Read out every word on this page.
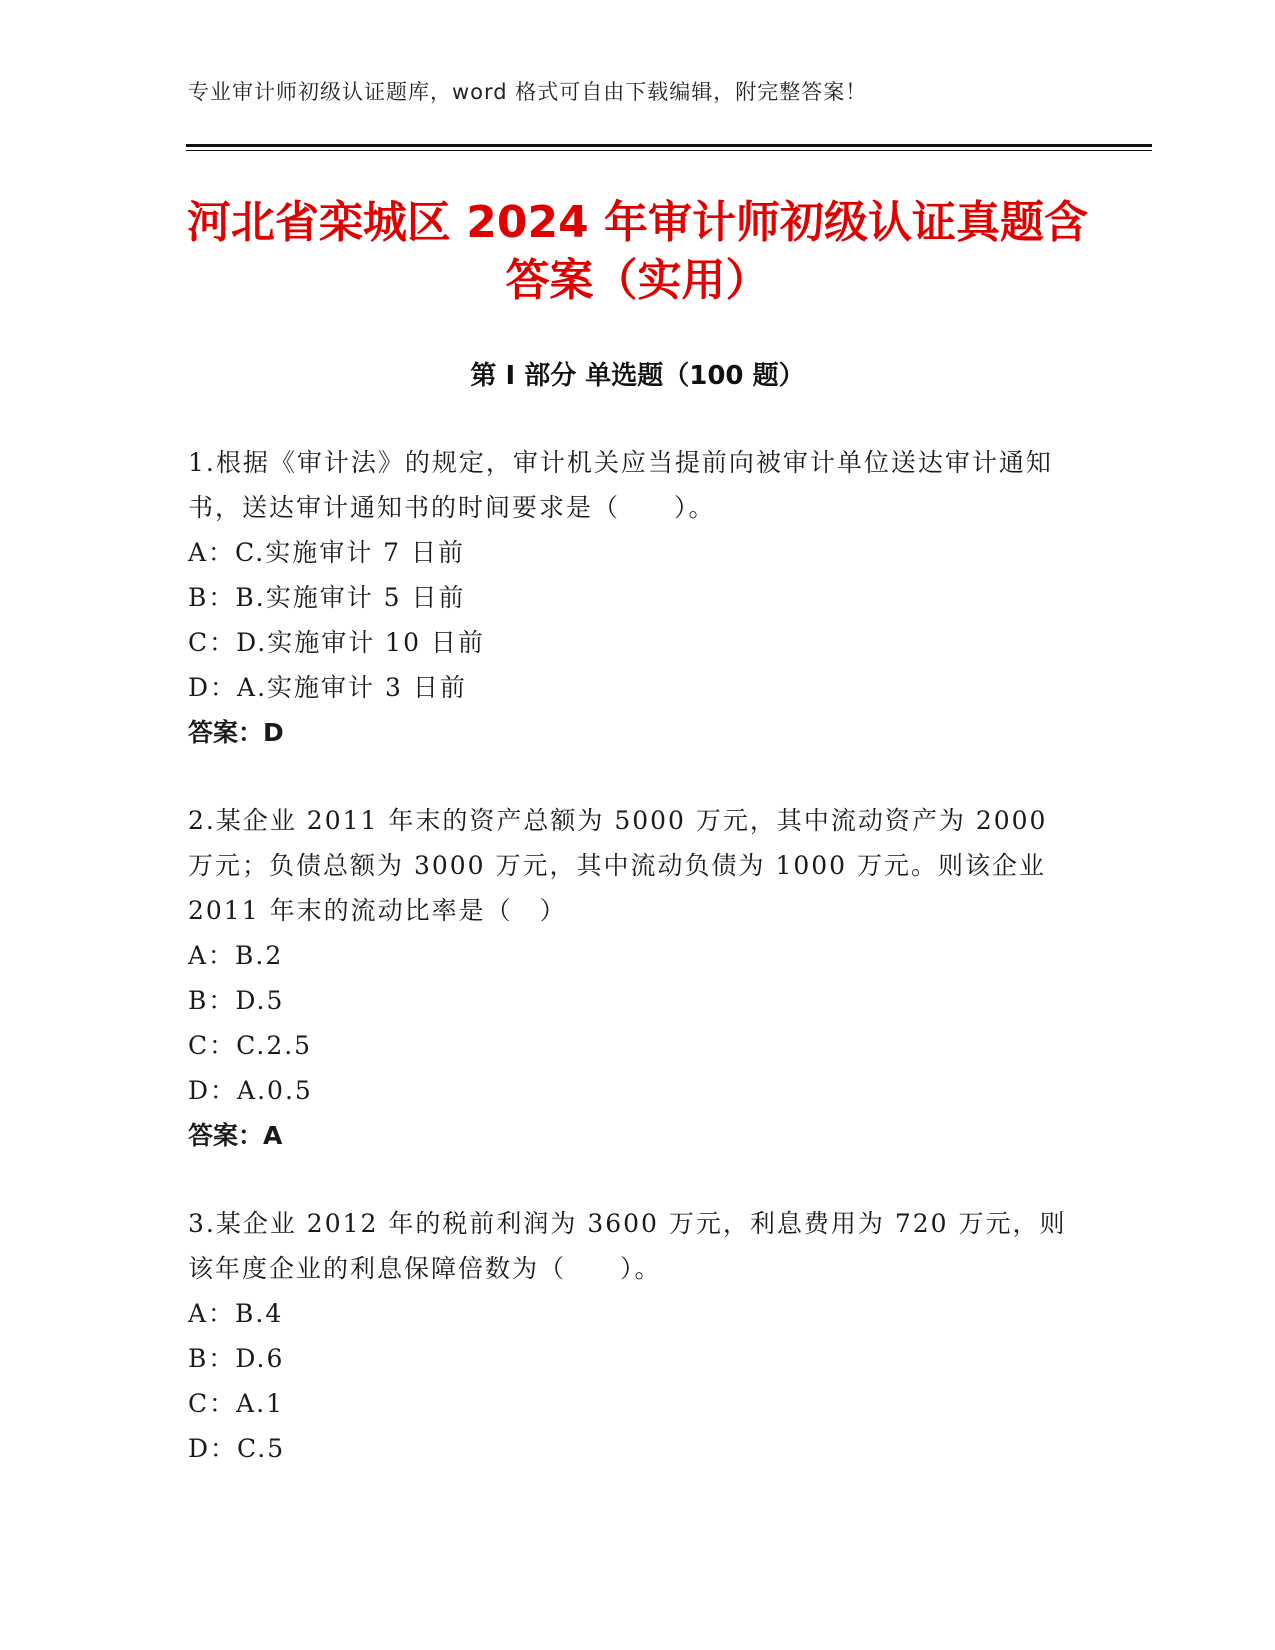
专业审计师初级认证题库，word 格式可自由下载编辑，附完整答案！
河北省栾城区 2024 年审计师初级认证真题含
答案（实用）
第 I 部分 单选题（100 题）

1.根据《审计法》的规定，审计机关应当提前向被审计单位送达审计通知书，送达审计通知书的时间要求是（　　）。

A：C.实施审计 7 日前

B：B.实施审计 5 日前

C：D.实施审计 10 日前

D：A.实施审计 3 日前

答案：D

2.某企业 2011 年末的资产总额为 5000 万元，其中流动资产为 2000 万元；负债总额为 3000 万元，其中流动负债为 1000 万元。则该企业 2011 年末的流动比率是（　）

A：B.2

B：D.5

C：C.2.5

D：A.0.5

答案：A

3.某企业 2012 年的税前利润为 3600 万元，利息费用为 720 万元，则该年度企业的利息保障倍数为（　　）。

A：B.4

B：D.6

C：A.1

D：C.5
